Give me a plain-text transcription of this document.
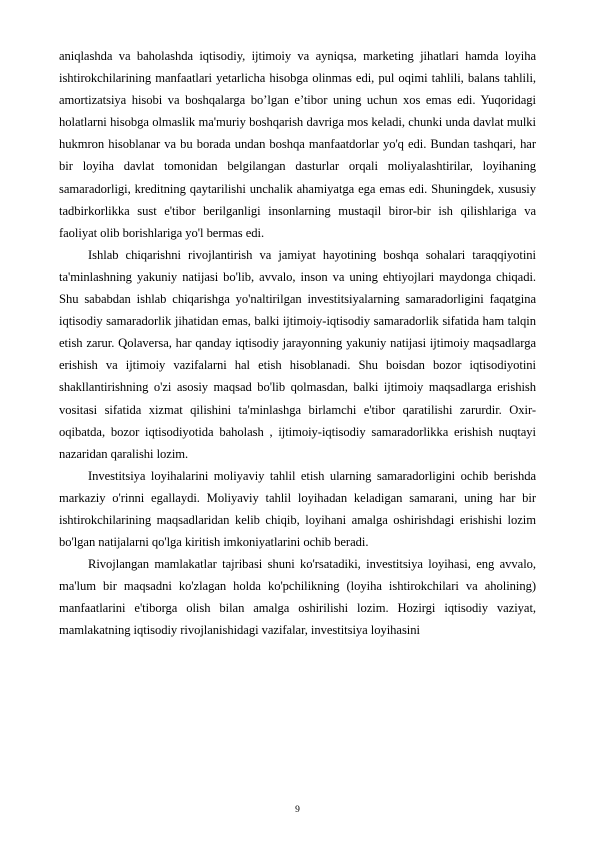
aniqlashda va baholashda iqtisodiy, ijtimoiy va ayniqsa, marketing jihatlari hamda loyiha ishtirokchilarining manfaatlari yetarlicha hisobga olinmas edi, pul oqimi tahlili, balans tahlili, amortizatsiya hisobi va boshqalarga bo’lgan e’tibor uning uchun xos emas edi. Yuqoridagi holatlarni hisobga olmaslik ma'muriy boshqarish davriga mos keladi, chunki unda davlat mulki hukmron hisoblanar va bu borada undan boshqa manfaatdorlar yo'q edi. Bundan tashqari, har bir loyiha davlat tomonidan belgilangan dasturlar orqali moliyalashtirilar, loyihaning samaradorligi, kreditning qaytarilishi unchalik ahamiyatga ega emas edi. Shuningdek, xususiy tadbirkorlikka sust e'tibor berilganligi insonlarning mustaqil biror-bir ish qilishlariga va faoliyat olib borishlariga yo'l bermas edi.

Ishlab chiqarishni rivojlantirish va jamiyat hayotining boshqa sohalari taraqqiyotini ta'minlashning yakuniy natijasi bo'lib, avvalo, inson va uning ehtiyojlari maydonga chiqadi. Shu sababdan ishlab chiqarishga yo'naltirilgan investitsiyalarning samaradorligini faqatgina iqtisodiy samaradorlik jihatidan emas, balki ijtimoiy-iqtisodiy samaradorlik sifatida ham talqin etish zarur. Qolaversa, har qanday iqtisodiy jarayonning yakuniy natijasi ijtimoiy maqsadlarga erishish va ijtimoiy vazifalarni hal etish hisoblanadi. Shu boisdan bozor iqtisodiyotini shakllantirishning o'zi asosiy maqsad bo'lib qolmasdan, balki ijtimoiy maqsadlarga erishish vositasi sifatida xizmat qilishini ta'minlashga birlamchi e'tibor qaratilishi zarurdir. Oxir-oqibatda, bozor iqtisodiyotida baholash , ijtimoiy-iqtisodiy samaradorlikka erishish nuqtayi nazaridan qaralishi lozim.

Investitsiya loyihalarini moliyaviy tahlil etish ularning samaradorligini ochib berishda markaziy o'rinni egallaydi. Moliyaviy tahlil loyihadan keladigan samarani, uning har bir ishtirokchilarining maqsadlaridan kelib chiqib, loyihani amalga oshirishdagi erishishi lozim bo'lgan natijalarni qo'lga kiritish imkoniyatlarini ochib beradi.

Rivojlangan mamlakatlar tajribasi shuni ko'rsatadiki, investitsiya loyihasi, eng avvalo, ma'lum bir maqsadni ko'zlagan holda ko'pchilikning (loyiha ishtirokchilari va aholining) manfaatlarini e'tiborga olish bilan amalga oshirilishi lozim. Hozirgi iqtisodiy vaziyat, mamlakatning iqtisodiy rivojlanishidagi vazifalar, investitsiya loyihasini

9
